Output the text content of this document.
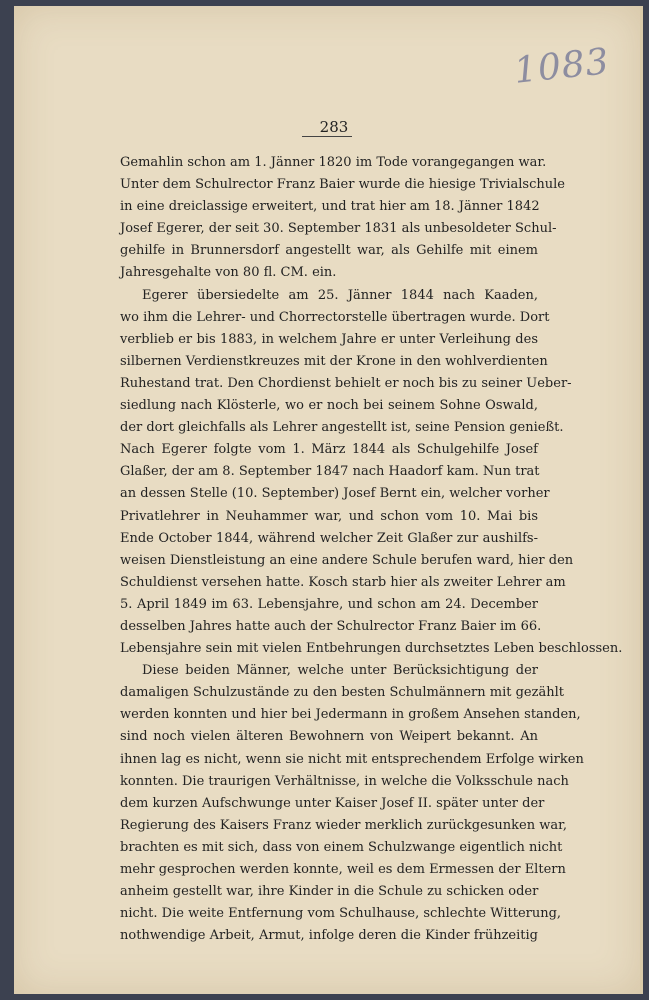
1083
283
Gemahlin schon am 1. Jänner 1820 im Tode vorangegangen war.
Unter dem Schulrector Franz Baier wurde die hiesige Trivialschule
in eine dreiclassige erweitert, und trat hier am 18. Jänner 1842
Josef Egerer, der seit 30. September 1831 als unbesoldeter Schul-
gehilfe in Brunnersdorf angestellt war, als Gehilfe mit einem
Jahresgehalte von 80 fl. CM. ein.
Egerer übersiedelte am 25. Jänner 1844 nach Kaaden,
wo ihm die Lehrer- und Chorrectorstelle übertragen wurde. Dort
verblieb er bis 1883, in welchem Jahre er unter Verleihung des
silbernen Verdienstkreuzes mit der Krone in den wohlverdienten
Ruhestand trat. Den Chordienst behielt er noch bis zu seiner Ueber-
siedlung nach Klösterle, wo er noch bei seinem Sohne Oswald,
der dort gleichfalls als Lehrer angestellt ist, seine Pension genießt.
Nach Egerer folgte vom 1. März 1844 als Schulgehilfe Josef
Glaßer, der am 8. September 1847 nach Haadorf kam. Nun trat
an dessen Stelle (10. September) Josef Bernt ein, welcher vorher
Privatlehrer in Neuhammer war, und schon vom 10. Mai bis
Ende October 1844, während welcher Zeit Glaßer zur aushilfs-
weisen Dienstleistung an eine andere Schule berufen ward, hier den
Schuldienst versehen hatte. Kosch starb hier als zweiter Lehrer am
5. April 1849 im 63. Lebensjahre, und schon am 24. December
desselben Jahres hatte auch der Schulrector Franz Baier im 66.
Lebensjahre sein mit vielen Entbehrungen durchsetztes Leben beschlossen.
Diese beiden Männer, welche unter Berücksichtigung der
damaligen Schulzustände zu den besten Schulmännern mit gezählt
werden konnten und hier bei Jedermann in großem Ansehen standen,
sind noch vielen älteren Bewohnern von Weipert bekannt. An
ihnen lag es nicht, wenn sie nicht mit entsprechendem Erfolge wirken
konnten. Die traurigen Verhältnisse, in welche die Volksschule nach
dem kurzen Aufschwunge unter Kaiser Josef II. später unter der
Regierung des Kaisers Franz wieder merklich zurückgesunken war,
brachten es mit sich, dass von einem Schulzwange eigentlich nicht
mehr gesprochen werden konnte, weil es dem Ermessen der Eltern
anheim gestellt war, ihre Kinder in die Schule zu schicken oder
nicht. Die weite Entfernung vom Schulhause, schlechte Witterung,
nothwendige Arbeit, Armut, infolge deren die Kinder frühzeitig
